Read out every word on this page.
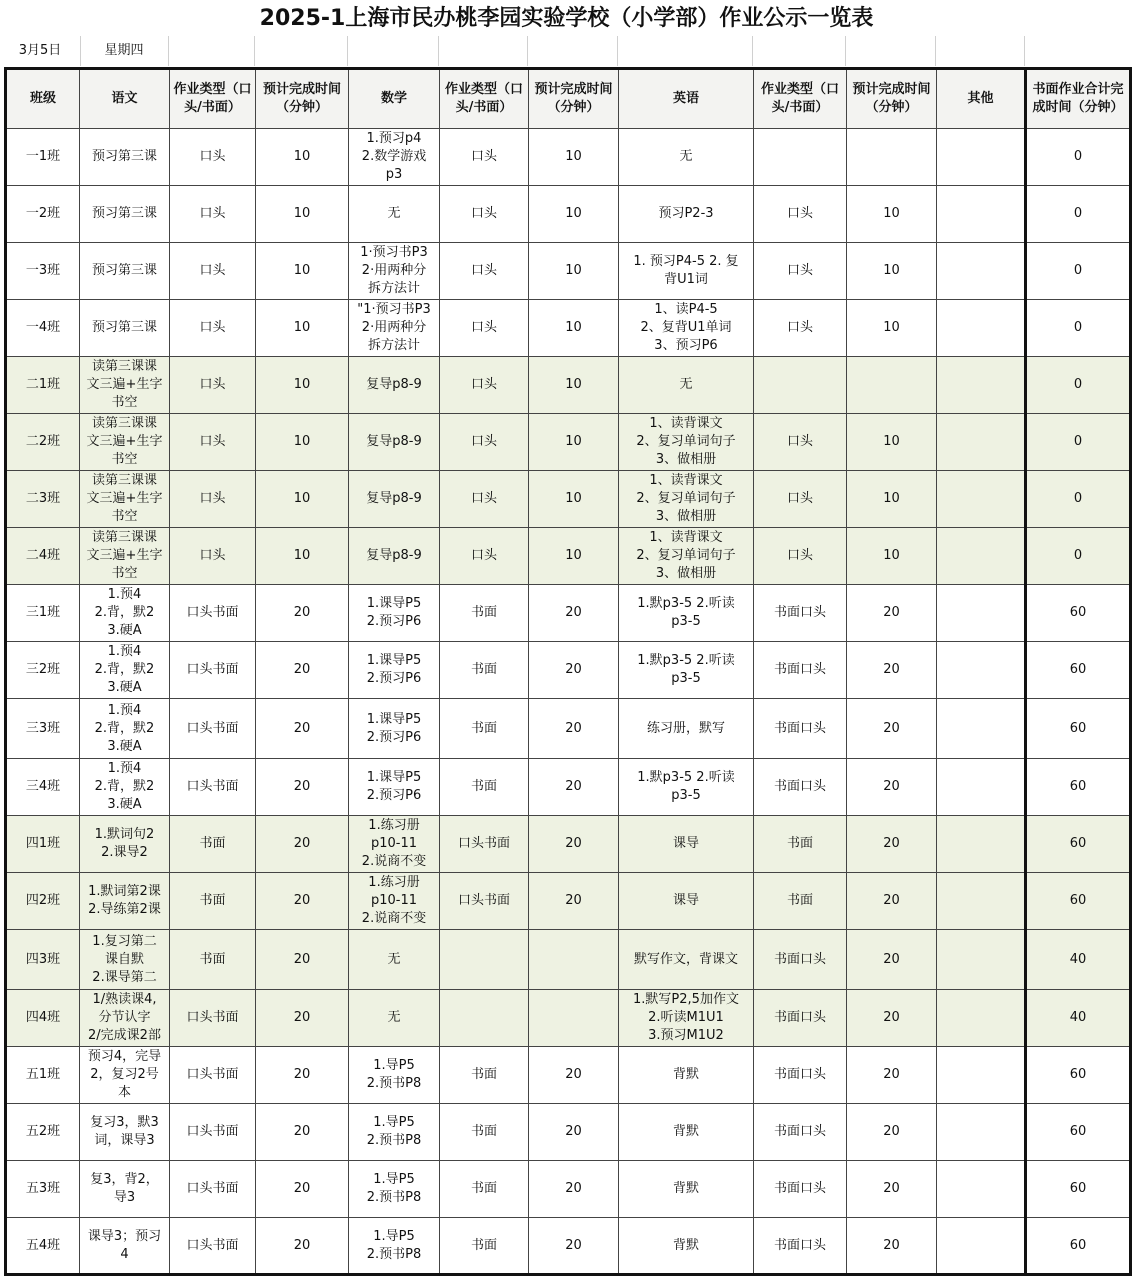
2025-1上海市民办桃李园实验学校（小学部）作业公示一览表
3月5日	星期四
班级	语文	作业类型（口头/书面）	预计完成时间（分钟）	数学	作业类型（口头/书面）	预计完成时间（分钟）	英语	作业类型（口头/书面）	预计完成时间（分钟）	其他	书面作业合计完成时间（分钟）

一1班	预习第三课	口头	10	1.预习p4
2.数学游戏
p3	口头	10	无				0

一2班	预习第三课	口头	10	无	口头	10	预习P2-3	口头	10		0

一3班	预习第三课	口头	10	1·预习书P3
2·用两种分
拆方法计	口头	10	1. 预习P4-5 2. 复
背U1词	口头	10		0

一4班	预习第三课	口头	10	"1·预习书P3
2·用两种分
拆方法计	口头	10	1、读P4-5
2、复背U1单词
3、预习P6	口头	10		0

二1班	读第三课课
文三遍+生字
书空	口头	10	复导p8-9	口头	10	无				0

二2班	读第三课课
文三遍+生字
书空	口头	10	复导p8-9	口头	10	1、读背课文
2、复习单词句子
3、做相册	口头	10		0

二3班	读第三课课
文三遍+生字
书空	口头	10	复导p8-9	口头	10	1、读背课文
2、复习单词句子
3、做相册	口头	10		0

二4班	读第三课课
文三遍+生字
书空	口头	10	复导p8-9	口头	10	1、读背课文
2、复习单词句子
3、做相册	口头	10		0

三1班	1.预4
2.背，默2
3.硬A	口头书面	20	1.课导P5
2.预习P6	书面	20	1.默p3-5 2.听读
p3-5	书面口头	20		60

三2班	1.预4
2.背，默2
3.硬A	口头书面	20	1.课导P5
2.预习P6	书面	20	1.默p3-5 2.听读
p3-5	书面口头	20		60

三3班	1.预4
2.背，默2
3.硬A	口头书面	20	1.课导P5
2.预习P6	书面	20	练习册，默写	书面口头	20		60

三4班	1.预4
2.背，默2
3.硬A	口头书面	20	1.课导P5
2.预习P6	书面	20	1.默p3-5 2.听读
p3-5	书面口头	20		60

四1班	1.默词句2
2.课导2	书面	20	1.练习册
p10-11
2.说商不变	口头书面	20	课导	书面	20		60

四2班	1.默词第2课
2.导练第2课	书面	20	1.练习册
p10-11
2.说商不变	口头书面	20	课导	书面	20		60

四3班	1.复习第二
课自默
2.课导第二	书面	20	无			默写作文，背课文	书面口头	20		40

四4班	1/熟读课4,
分节认字
2/完成课2部	口头书面	20	无			1.默写P2,5加作文
2.听读M1U1
3.预习M1U2	书面口头	20		40

五1班	预习4，完导
2，复习2号
本	口头书面	20	1.导P5
2.预书P8	书面	20	背默	书面口头	20		60

五2班	复习3，默3
词，课导3	口头书面	20	1.导P5
2.预书P8	书面	20	背默	书面口头	20		60

五3班	复3，背2，
导3	口头书面	20	1.导P5
2.预书P8	书面	20	背默	书面口头	20		60

五4班	课导3；预习
4	口头书面	20	1.导P5
2.预书P8	书面	20	背默	书面口头	20		60
